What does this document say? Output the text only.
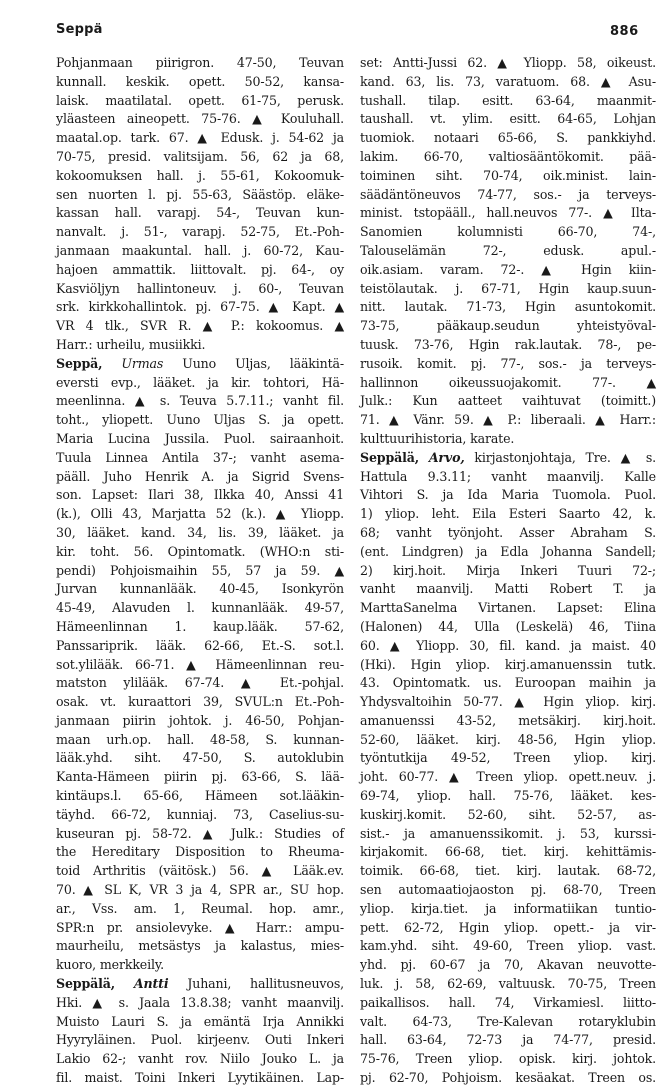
Seppä	886
Pohjanmaan piirigron. 47-50, Teuvan
kunnall. keskik. opett. 50-52, kansa-
laisk. maatilatal. opett. 61-75, perusk.
yläasteen aineopett. 75-76. ▲ Kouluhall.
maatal.op. tark. 67. ▲ Edusk. j. 54-62 ja
70-75, presid. valitsijam. 56, 62 ja 68,
kokoomuksen hall. j. 55-61, Kokoomuk-
sen nuorten l. pj. 55-63, Säästöp. eläke-
kassan hall. varapj. 54-, Teuvan kun-
nanvalt. j. 51-, varapj. 52-75, Et.-Poh-
janmaan maakuntal. hall. j. 60-72, Kau-
hajoen ammattik. liittovalt. pj. 64-, oy
Kasviöljyn hallintoneuv. j. 60-, Teuvan
srk. kirkkohallintok. pj. 67-75. ▲ Kapt. ▲
VR 4 tlk., SVR R. ▲ P.: kokoomus. ▲
Harr.: urheilu, musiikki.
Seppä, Urmas Uuno Uljas, lääkintä-
eversti evp., lääket. ja kir. tohtori, Hä-
meenlinna. ▲ s. Teuva 5.7.11.; vanht fil.
toht., yliopett. Uuno Uljas S. ja opett.
Maria Lucina Jussila. Puol. sairaanhoit.
Tuula Linnea Antila 37-; vanht asema-
pääll. Juho Henrik A. ja Sigrid Svens-
son. Lapset: Ilari 38, Ilkka 40, Anssi 41
(k.), Olli 43, Marjatta 52 (k.). ▲ Yliopp.
30, lääket. kand. 34, lis. 39, lääket. ja
kir. toht. 56. Opintomatk. (WHO:n sti-
pendi) Pohjoismaihin 55, 57 ja 59. ▲
Jurvan kunnanlääk. 40-45, Isonkyrön
45-49, Alavuden l. kunnanlääk. 49-57,
Hämeenlinnan 1. kaup.lääk. 57-62,
Panssariprik. lääk. 62-66, Et.-S. sot.l.
sot.ylilääk. 66-71. ▲ Hämeenlinnan reu-
matston ylilääk. 67-74. ▲ Et.-pohjal.
osak. vt. kuraattori 39, SVUL:n Et.-Poh-
janmaan piirin johtok. j. 46-50, Pohjan-
maan urh.op. hall. 48-58, S. kunnan-
lääk.yhd. siht. 47-50, S. autoklubin
Kanta-Hämeen piirin pj. 63-66, S. lää-
kintäups.l. 65-66, Hämeen sot.lääkin-
täyhd. 66-72, kunniaj. 73, Caselius-su-
kuseuran pj. 58-72. ▲ Julk.: Studies of
the Hereditary Disposition to Rheuma-
toid Arthritis (väitösk.) 56. ▲ Lääk.ev.
70. ▲ SL K, VR 3 ja 4, SPR ar., SU hop.
ar., Vss. am. 1, Reumal. hop. amr.,
SPR:n pr. ansiolevyke. ▲ Harr.: ampu-
maurheilu, metsästys ja kalastus, mies-
kuoro, merkkeily.
Seppälä, Antti Juhani, hallitusneuvos,
Hki. ▲ s. Jaala 13.8.38; vanht maanvilj.
Muisto Lauri S. ja emäntä Irja Annikki
Hyyryläinen. Puol. kirjeenv. Outi Inkeri
Lakio 62-; vanht rov. Niilo Jouko L. ja
fil. maist. Toini Inkeri Lyytikäinen. Lap-
set: Antti-Jussi 62. ▲ Yliopp. 58, oikeust.
kand. 63, lis. 73, varatuom. 68. ▲ Asu-
tushall. tilap. esitt. 63-64, maanmit-
taushall. vt. ylim. esitt. 64-65, Lohjan
tuomiok. notaari 65-66, S. pankkiyhd.
lakim. 66-70, valtiosääntökomit. pää-
toiminen siht. 70-74, oik.minist. lain-
säädäntöneuvos 74-77, sos.- ja terveys-
minist. tstopääll., hall.neuvos 77-. ▲ Ilta-
Sanomien kolumnisti 66-70, 74-,
Talouselämän 72-, edusk. apul.-
oik.asiam. varam. 72-. ▲ Hgin kiin-
teistölautak. j. 67-71, Hgin kaup.suun-
nitt. lautak. 71-73, Hgin asuntokomit.
73-75, pääkaup.seudun yhteistyöval-
tuusk. 73-76, Hgin rak.lautak. 78-, pe-
rusoik. komit. pj. 77-, sos.- ja terveys-
hallinnon oikeussuojakomit. 77-. ▲
Julk.: Kun aatteet vaihtuvat (toimitt.)
71. ▲ Vänr. 59. ▲ P.: liberaali. ▲ Harr.:
kulttuurihistoria, karate.
Seppälä, Arvo, kirjastonjohtaja, Tre. ▲ s.
Hattula 9.3.11; vanht maanvilj. Kalle
Vihtori S. ja Ida Maria Tuomola. Puol.
1) yliop. leht. Eila Esteri Saarto 42, k.
68; vanht työnjoht. Asser Abraham S.
(ent. Lindgren) ja Edla Johanna Sandell;
2) kirj.hoit. Mirja Inkeri Tuuri 72-;
vanht maanvilj. Matti Robert T. ja
MarttaSanelma Virtanen. Lapset: Elina
(Halonen) 44, Ulla (Leskelä) 46, Tiina
60. ▲ Yliopp. 30, fil. kand. ja maist. 40
(Hki). Hgin yliop. kirj.amanuenssin tutk.
43. Opintomatk. us. Euroopan maihin ja
Yhdysvaltoihin 50-77. ▲ Hgin yliop. kirj.
amanuenssi 43-52, metsäkirj. kirj.hoit.
52-60, lääket. kirj. 48-56, Hgin yliop.
työntutkija 49-52, Treen yliop. kirj.
joht. 60-77. ▲ Treen yliop. opett.neuv. j.
69-74, yliop. hall. 75-76, lääket. kes-
kuskirj.komit. 52-60, siht. 52-57, as-
sist.- ja amanuenssikomit. j. 53, kurssi-
kirjakomit. 66-68, tiet. kirj. kehittämis-
toimik. 66-68, tiet. kirj. lautak. 68-72,
sen automaatiojaoston pj. 68-70, Treen
yliop. kirja.tiet. ja informatiikan tuntio-
pett. 62-72, Hgin yliop. opett.- ja vir-
kam.yhd. siht. 49-60, Treen yliop. vast.
yhd. pj. 60-67 ja 70, Akavan neuvotte-
luk. j. 58, 62-69, valtuusk. 70-75, Treen
paikallisos. hall. 74, Virkamiesl. liitto-
valt. 64-73, Tre-Kalevan rotaryklubin
hall. 63-64, 72-73 ja 74-77, presid.
75-76, Treen yliop. opisk. kirj. johtok.
pj. 62-70, Pohjoism. kesäakat. Treen os.
